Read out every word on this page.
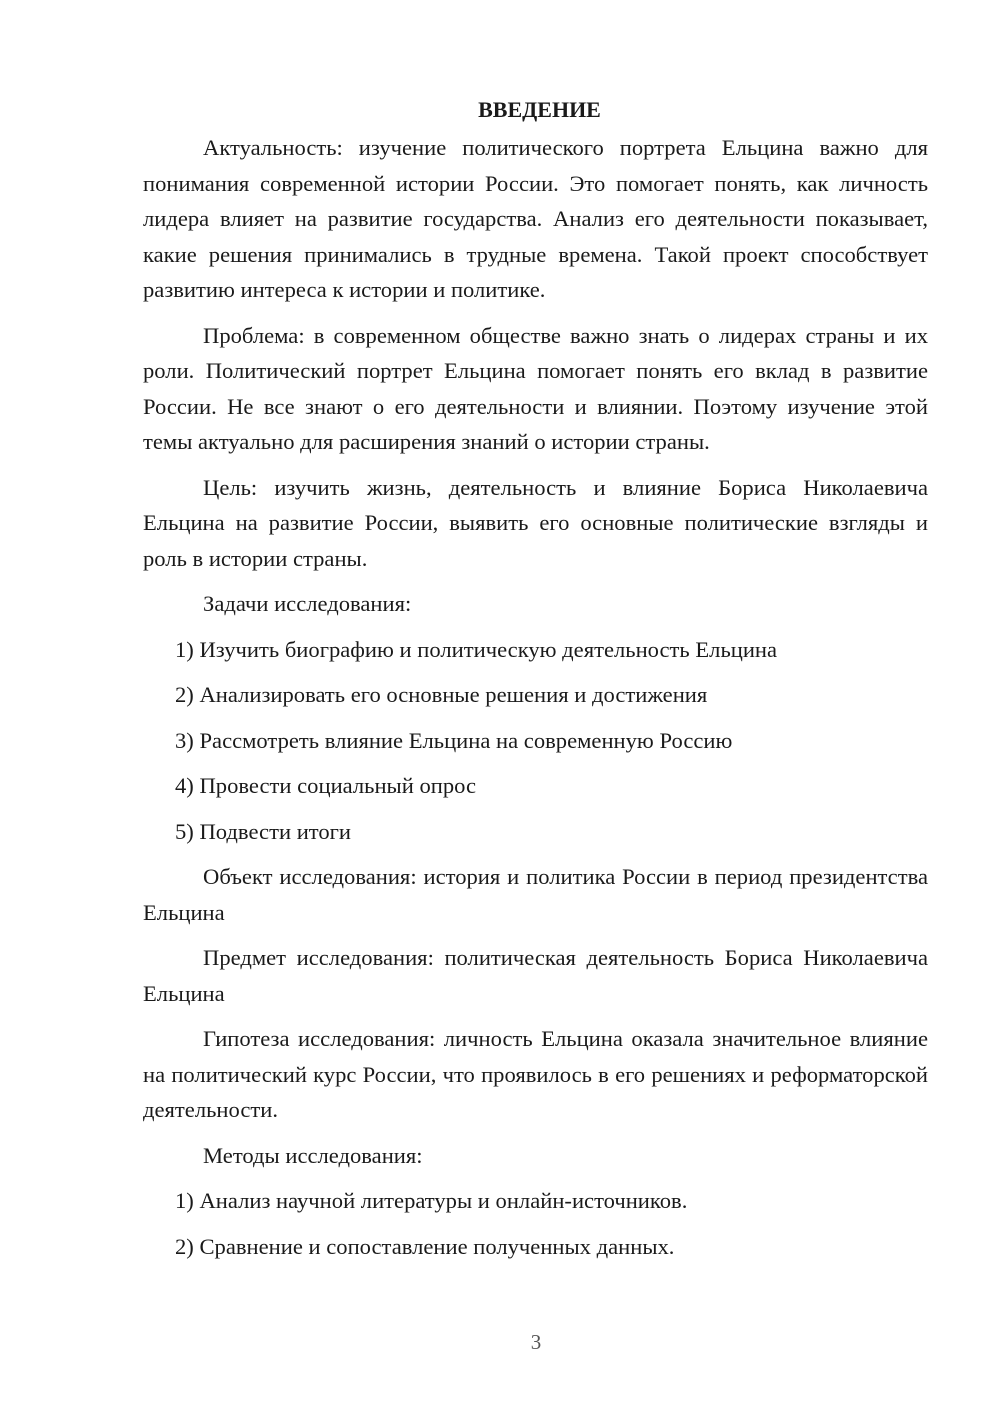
ВВЕДЕНИЕ

Актуальность: изучение политического портрета Ельцина важно для понимания современной истории России. Это помогает понять, как личность лидера влияет на развитие государства. Анализ его деятельности показывает, какие решения принимались в трудные времена. Такой проект способствует развитию интереса к истории и политике.

Проблема: в современном обществе важно знать о лидерах страны и их роли. Политический портрет Ельцина помогает понять его вклад в развитие России. Не все знают о его деятельности и влиянии. Поэтому изучение этой темы актуально для расширения знаний о истории страны.

Цель: изучить жизнь, деятельность и влияние Бориса Николаевича Ельцина на развитие России, выявить его основные политические взгляды и роль в истории страны.

Задачи исследования:

1) Изучить биографию и политическую деятельность Ельцина
2) Анализировать его основные решения и достижения
3) Рассмотреть влияние Ельцина на современную Россию
4) Провести социальный опрос
5) Подвести итоги

Объект исследования: история и политика России в период президентства Ельцина

Предмет исследования: политическая деятельность Бориса Николаевича Ельцина

Гипотеза исследования: личность Ельцина оказала значительное влияние на политический курс России, что проявилось в его решениях и реформаторской деятельности.

Методы исследования:

1) Анализ научной литературы и онлайн-источников.
2) Сравнение и сопоставление полученных данных.
3
